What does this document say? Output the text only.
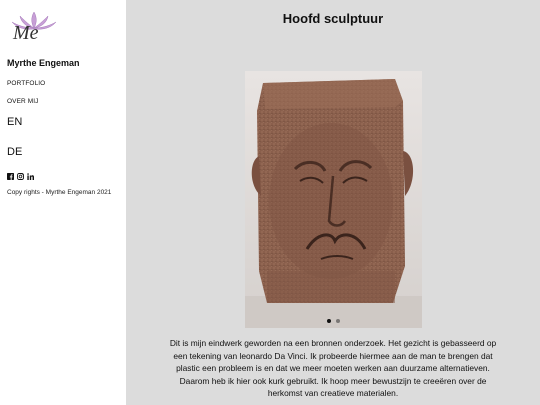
Me
Myrthe Engeman
PORTFOLIO
OVER MIJ
EN
DE
Copy rights - Myrthe Engeman 2021
Hoofd sculptuur
Dit is mijn eindwerk geworden na een bronnen onderzoek. Het gezicht is gebasseerd op een tekening van leonardo Da Vinci. Ik probeerde hiermee aan de man te brengen dat plastic een probleem is en dat we meer moeten werken aan duurzame alternatieven. Daarom heb ik hier ook kurk gebruikt. Ik hoop meer bewustzijn te creeëren over de herkomst van creatieve materialen.
